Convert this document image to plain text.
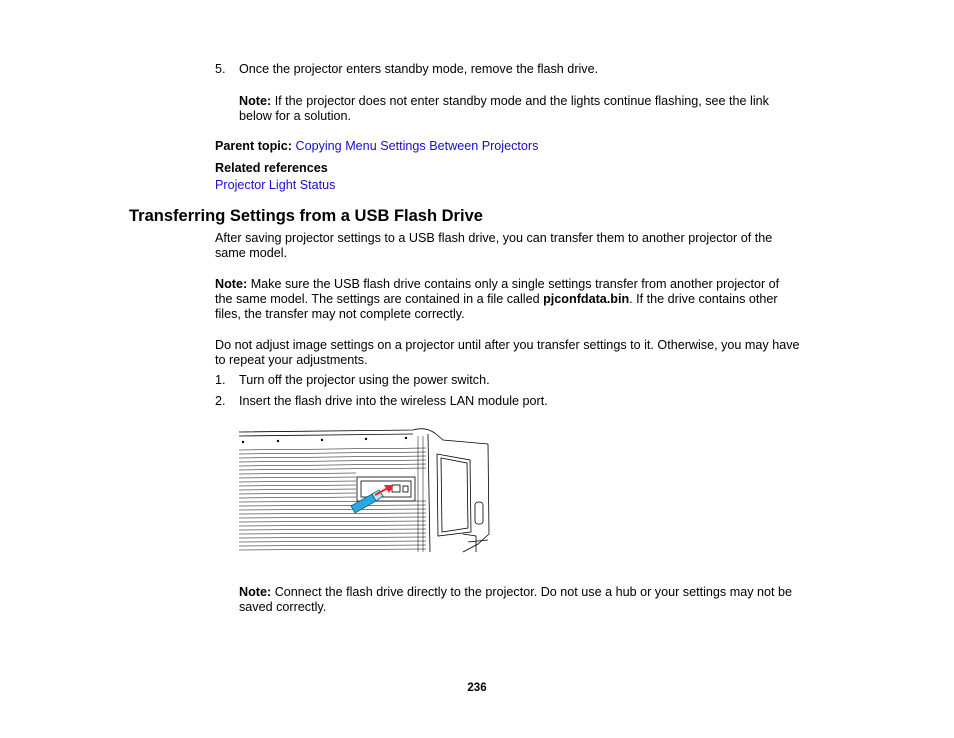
5. Once the projector enters standby mode, remove the flash drive.
Note: If the projector does not enter standby mode and the lights continue flashing, see the link
below for a solution.
Parent topic: Copying Menu Settings Between Projectors
Related references
Projector Light Status
Transferring Settings from a USB Flash Drive
After saving projector settings to a USB flash drive, you can transfer them to another projector of the
same model.
Note: Make sure the USB flash drive contains only a single settings transfer from another projector of
the same model. The settings are contained in a file called pjconfdata.bin. If the drive contains other
files, the transfer may not complete correctly.
Do not adjust image settings on a projector until after you transfer settings to it. Otherwise, you may have
to repeat your adjustments.
1. Turn off the projector using the power switch.
2. Insert the flash drive into the wireless LAN module port.
Note: Connect the flash drive directly to the projector. Do not use a hub or your settings may not be
saved correctly.
236
